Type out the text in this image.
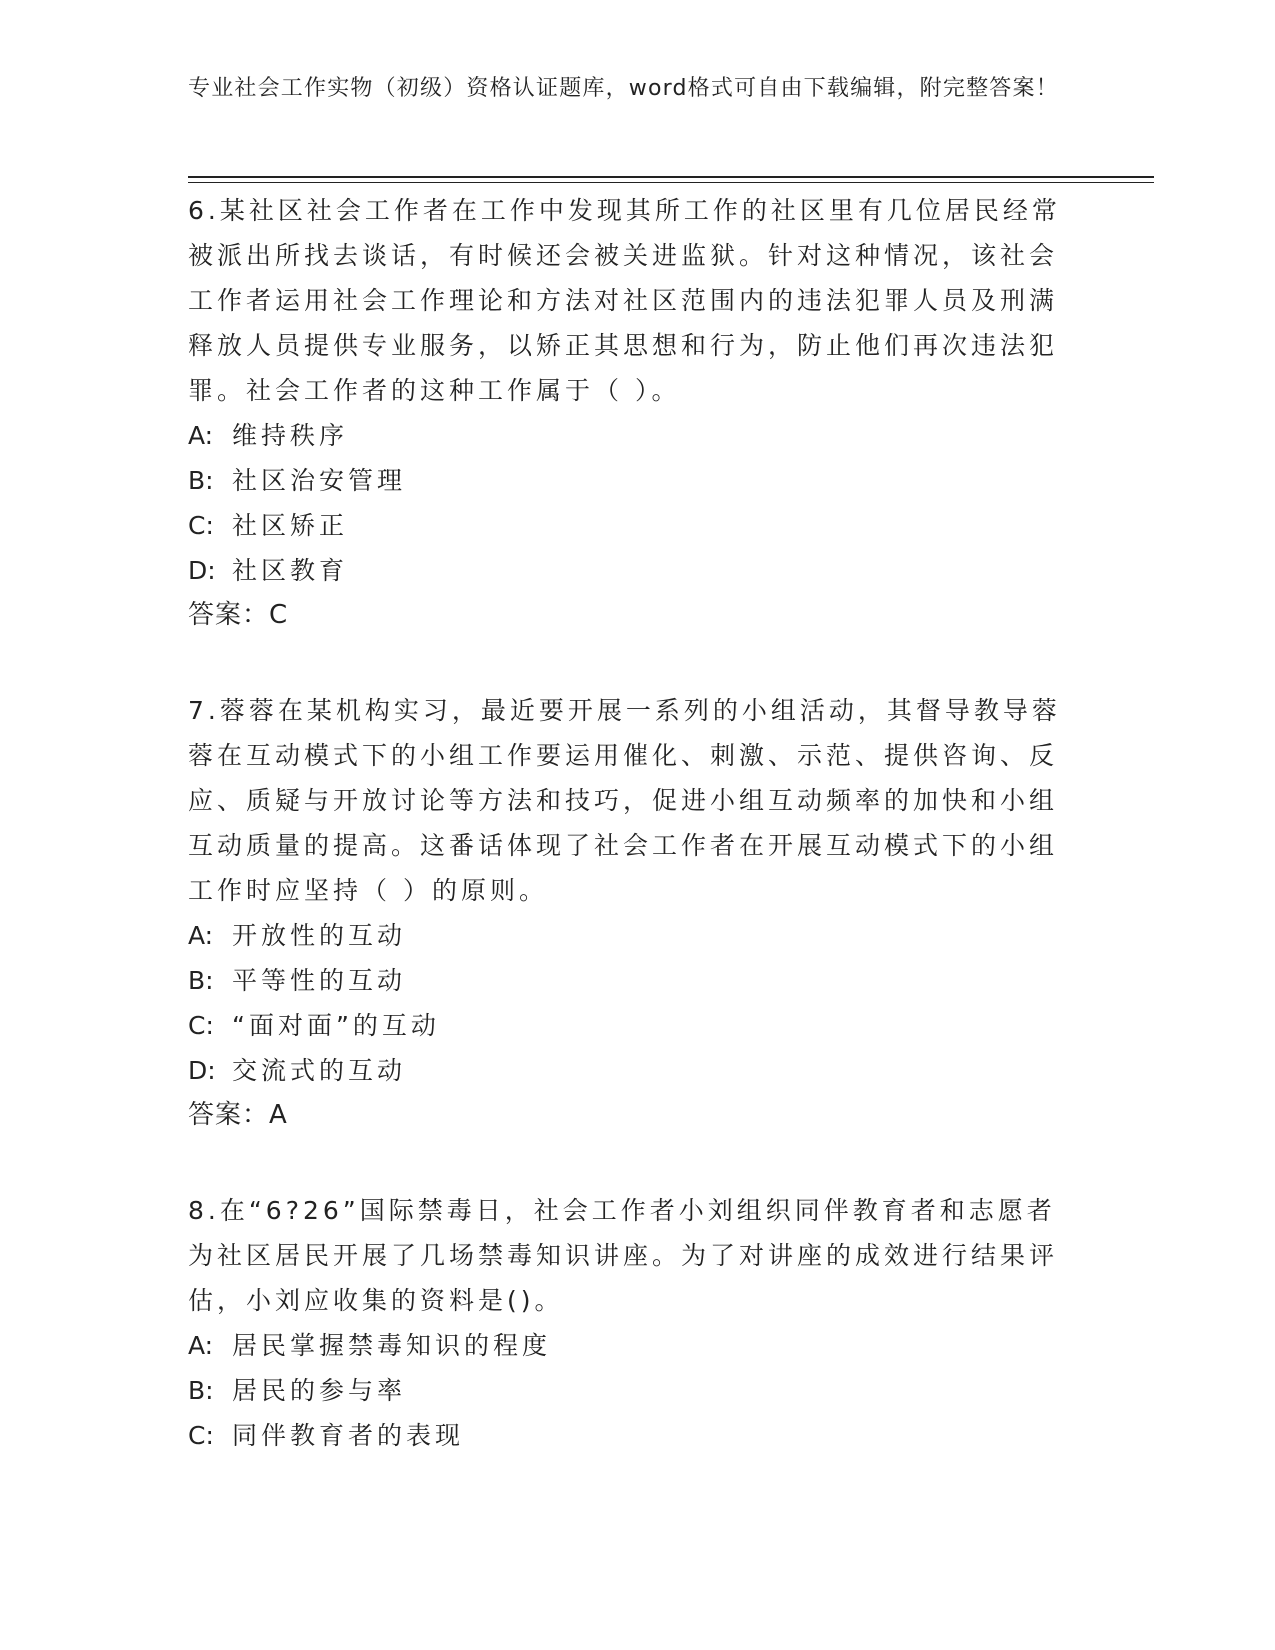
专业社会工作实物（初级）资格认证题库，word格式可自由下载编辑，附完整答案！

6.某社区社会工作者在工作中发现其所工作的社区里有几位居民经常被派出所找去谈话，有时候还会被关进监狱。针对这种情况，该社会工作者运用社会工作理论和方法对社区范围内的违法犯罪人员及刑满释放人员提供专业服务，以矫正其思想和行为，防止他们再次违法犯罪。社会工作者的这种工作属于（ ）。

A: 维持秩序

B: 社区治安管理

C: 社区矫正

D: 社区教育

答案：C

7.蓉蓉在某机构实习，最近要开展一系列的小组活动，其督导教导蓉蓉在互动模式下的小组工作要运用催化、刺激、示范、提供咨询、反应、质疑与开放讨论等方法和技巧，促进小组互动频率的加快和小组互动质量的提高。这番话体现了社会工作者在开展互动模式下的小组工作时应坚持（ ）的原则。

A: 开放性的互动

B: 平等性的互动

C: “面对面”的互动

D: 交流式的互动

答案：A

8.在“6?26”国际禁毒日，社会工作者小刘组织同伴教育者和志愿者为社区居民开展了几场禁毒知识讲座。为了对讲座的成效进行结果评估，小刘应收集的资料是()。

A: 居民掌握禁毒知识的程度

B: 居民的参与率

C: 同伴教育者的表现
